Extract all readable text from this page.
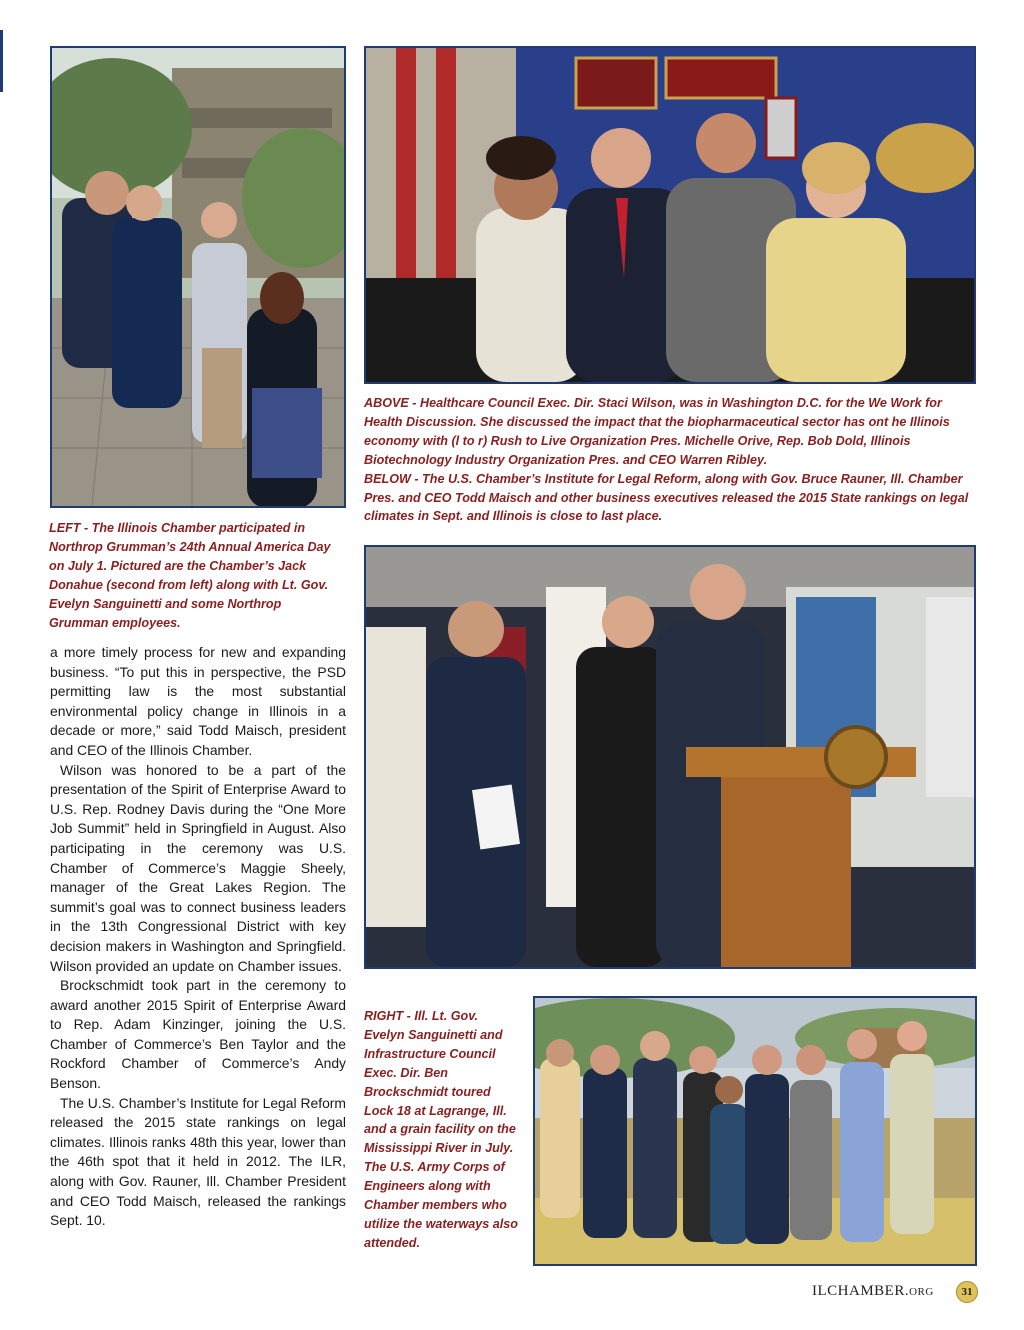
LEFT - The Illinois Chamber participated in Northrop Grumman’s 24th Annual America Day on July 1. Pictured are the Chamber’s Jack Donahue (second from left) along with Lt. Gov. Evelyn Sanguinetti and some Northrop Grumman employees.

ABOVE - Healthcare Council Exec. Dir. Staci Wilson, was in Washington D.C. for the We Work for Health Discussion. She discussed the impact that the biopharmaceutical sector has ont he Illinois economy with (l to r) Rush to Live Organization Pres. Michelle Orive, Rep. Bob Dold, Illinois Biotechnology Industry Organization Pres. and CEO Warren Ribley.

BELOW - The U.S. Chamber’s Institute for Legal Reform, along with Gov. Bruce Rauner, Ill. Chamber Pres. and CEO Todd Maisch and other business executives released the 2015 State rankings on legal climates in Sept. and Illinois is close to last place.

a more timely process for new and expanding business. “To put this in perspective, the PSD permitting law is the most substantial environmental policy change in Illinois in a decade or more,” said Todd Maisch, president and CEO of the Illinois Chamber.

Wilson was honored to be a part of the presentation of the Spirit of Enterprise Award to U.S. Rep. Rodney Davis during the “One More Job Summit” held in Springfield in August. Also participating in the ceremony was U.S. Chamber of Commerce’s Maggie Sheely, manager of the Great Lakes Region. The summit’s goal was to connect business leaders in the 13th Congressional District with key decision makers in Washington and Springfield. Wilson provided an update on Chamber issues.

Brockschmidt took part in the ceremony to award another 2015 Spirit of Enterprise Award to Rep. Adam Kinzinger, joining the U.S. Chamber of Commerce’s Ben Taylor and the Rockford Chamber of Commerce’s Andy Benson.

The U.S. Chamber’s Institute for Legal Reform released the 2015 state rankings on legal climates. Illinois ranks 48th this year, lower than the 46th spot that it held in 2012. The ILR, along with Gov. Rauner, Ill. Chamber President and CEO Todd Maisch, released the rankings Sept. 10.

RIGHT - Ill. Lt. Gov. Evelyn Sanguinetti and Infrastructure Council Exec. Dir. Ben Brockschmidt toured Lock 18 at Lagrange, Ill. and a grain facility on the Mississippi River in July. The U.S. Army Corps of Engineers along with Chamber members who utilize the waterways also attended.

ILCHAMBER.ORG	31
